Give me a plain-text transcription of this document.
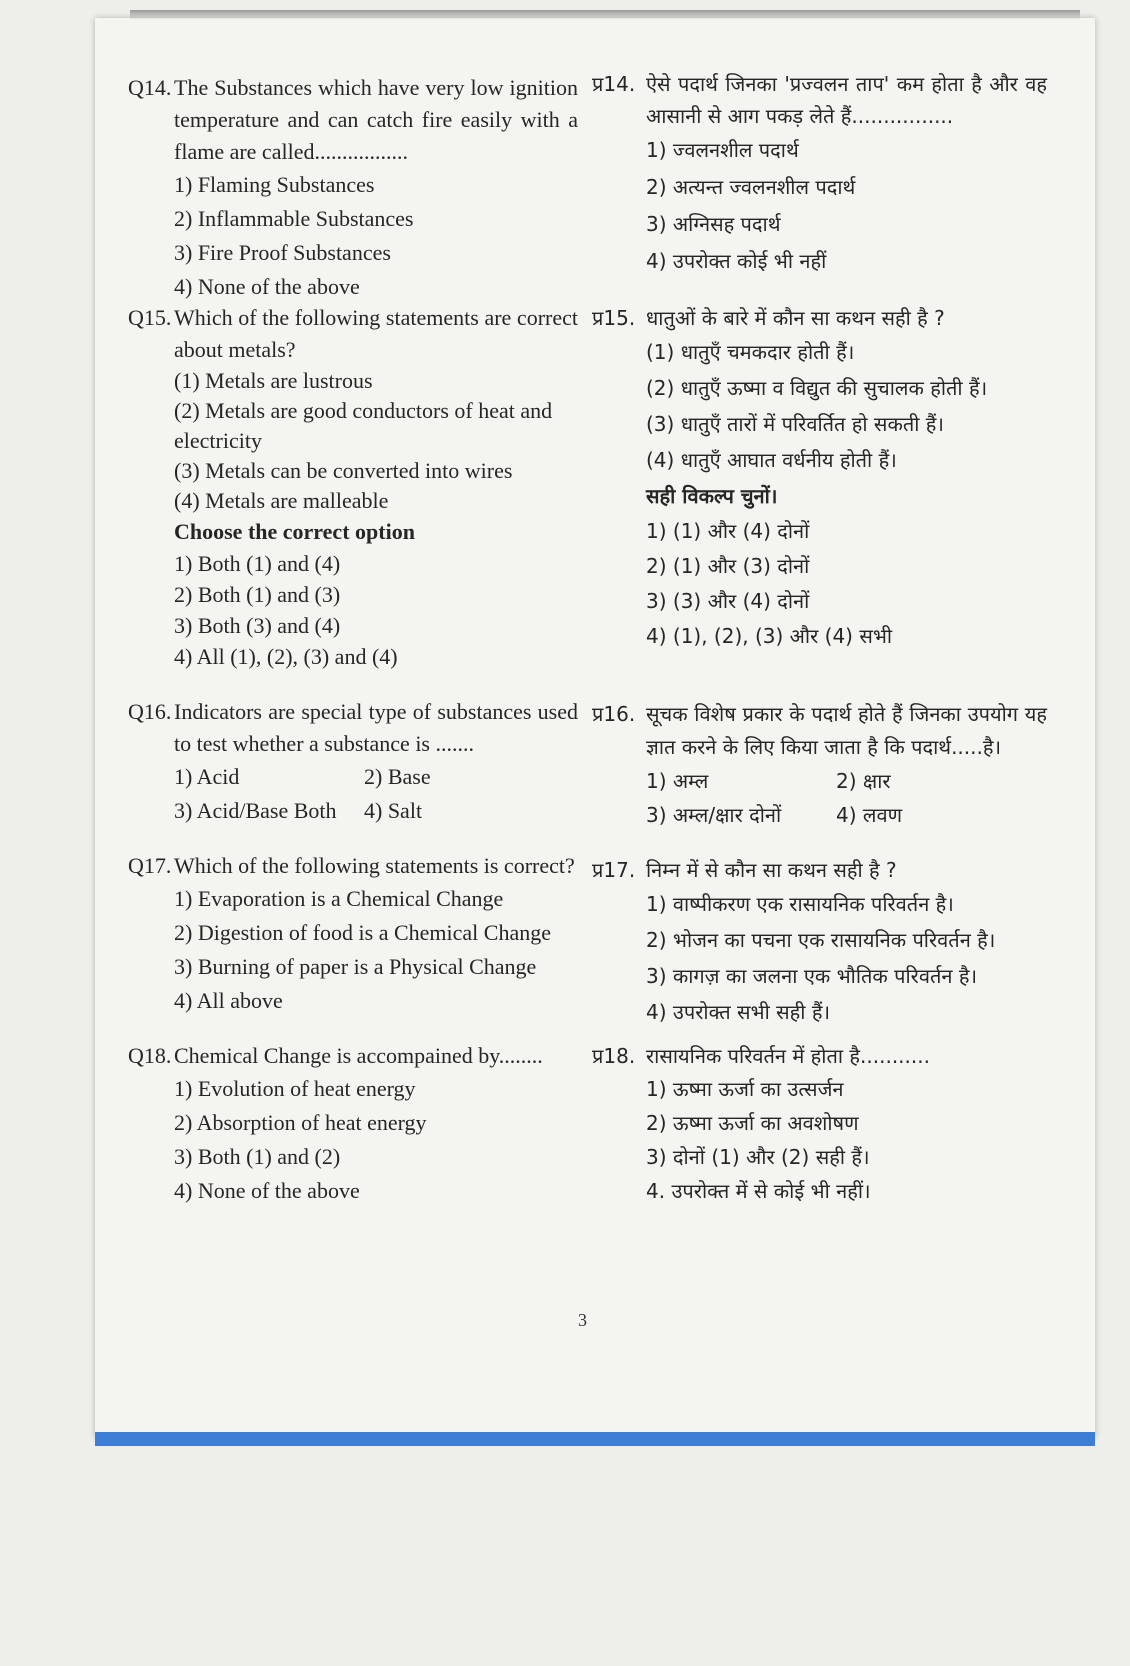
Q14. The Substances which have very low ignition temperature and can catch fire easily with a flame are called.................
1) Flaming Substances
2) Inflammable Substances
3) Fire Proof Substances
4) None of the above
Q15. Which of the following statements are correct about metals?
(1) Metals are lustrous
(2) Metals are good conductors of heat and electricity
(3) Metals can be converted into wires
(4) Metals are malleable
Choose the correct option
1) Both (1) and (4)
2) Both (1) and (3)
3) Both (3) and (4)
4) All (1), (2), (3) and (4)
Q16. Indicators are special type of substances used to test whether a substance is .......
1) Acid	2) Base
3) Acid/Base Both	4) Salt
Q17. Which of the following statements is correct?
1) Evaporation is a Chemical Change
2) Digestion of food is a Chemical Change
3) Burning of paper is a Physical Change
4) All above
Q18. Chemical Change is accompained by........
1) Evolution of heat energy
2) Absorption of heat energy
3) Both (1) and (2)
4) None of the above
प्र14. ऐसे पदार्थ जिनका 'प्रज्वलन ताप' कम होता है और वह आसानी से आग पकड़ लेते हैं................
1) ज्वलनशील पदार्थ
2) अत्यन्त ज्वलनशील पदार्थ
3) अग्निसह पदार्थ
4) उपरोक्त कोई भी नहीं
प्र15. धातुओं के बारे में कौन सा कथन सही है ?
(1) धातुएँ चमकदार होती हैं।
(2) धातुएँ ऊष्मा व विद्युत की सुचालक होती हैं।
(3) धातुएँ तारों में परिवर्तित हो सकती हैं।
(4) धातुएँ आघात वर्धनीय होती हैं।
सही विकल्प चुनों।
1) (1) और (4) दोनों
2) (1) और (3) दोनों
3) (3) और (4) दोनों
4) (1), (2), (3) और (4) सभी
प्र16. सूचक विशेष प्रकार के पदार्थ होते हैं जिनका उपयोग यह ज्ञात करने के लिए किया जाता है कि पदार्थ.....है।
1) अम्ल	2) क्षार
3) अम्ल/क्षार दोनों	4) लवण
प्र17. निम्न में से कौन सा कथन सही है ?
1) वाष्पीकरण एक रासायनिक परिवर्तन है।
2) भोजन का पचना एक रासायनिक परिवर्तन है।
3) कागज़ का जलना एक भौतिक परिवर्तन है।
4) उपरोक्त सभी सही हैं।
प्र18. रासायनिक परिवर्तन में होता है...........
1) ऊष्मा ऊर्जा का उत्सर्जन
2) ऊष्मा ऊर्जा का अवशोषण
3) दोनों (1) और (2) सही हैं।
4. उपरोक्त में से कोई भी नहीं।
3
